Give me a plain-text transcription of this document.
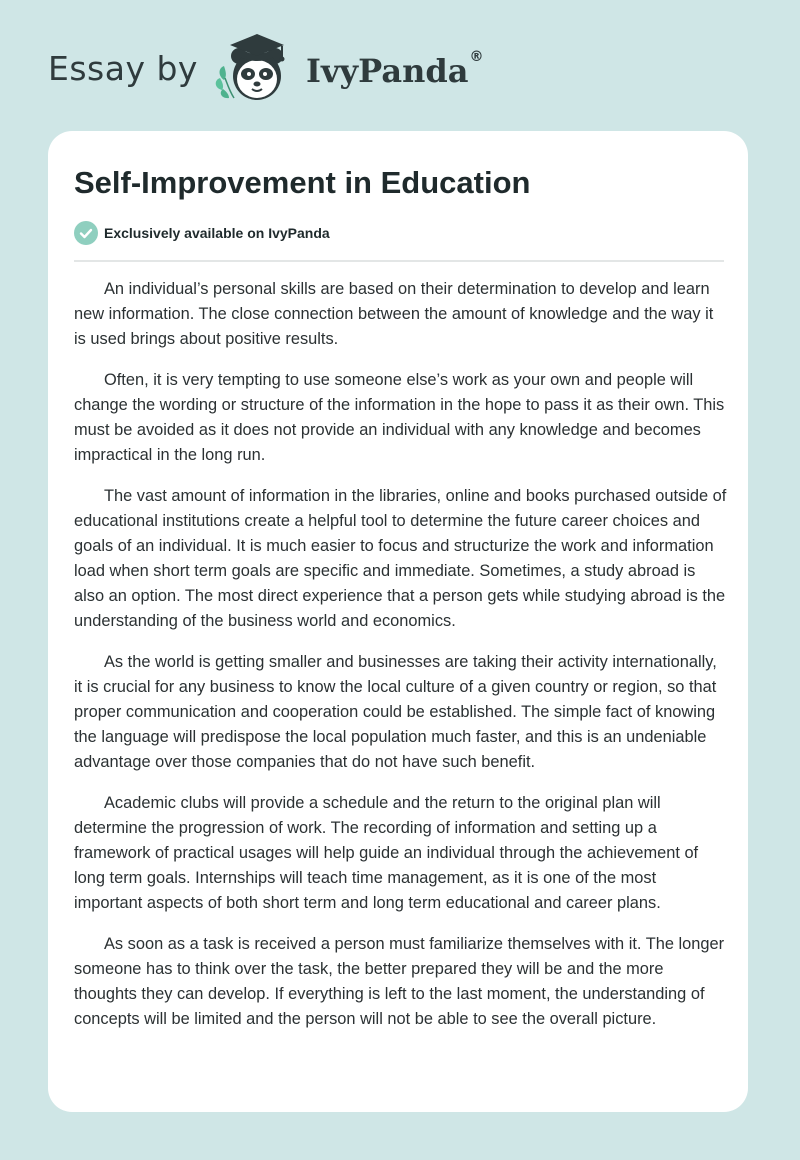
Essay by	IvyPanda ®
Self-Improvement in Education
Exclusively available on IvyPanda

An individual’s personal skills are based on their determination to develop and learn new information. The close connection between the amount of knowledge and the way it is used brings about positive results.

Often, it is very tempting to use someone else’s work as your own and people will change the wording or structure of the information in the hope to pass it as their own. This must be avoided as it does not provide an individual with any knowledge and becomes impractical in the long run.

The vast amount of information in the libraries, online and books purchased outside of educational institutions create a helpful tool to determine the future career choices and goals of an individual. It is much easier to focus and structurize the work and information load when short term goals are specific and immediate. Sometimes, a study abroad is also an option. The most direct experience that a person gets while studying abroad is the understanding of the business world and economics.

As the world is getting smaller and businesses are taking their activity internationally, it is crucial for any business to know the local culture of a given country or region, so that proper communication and cooperation could be established. The simple fact of knowing the language will predispose the local population much faster, and this is an undeniable advantage over those companies that do not have such benefit.

Academic clubs will provide a schedule and the return to the original plan will determine the progression of work. The recording of information and setting up a framework of practical usages will help guide an individual through the achievement of long term goals. Internships will teach time management, as it is one of the most important aspects of both short term and long term educational and career plans.

As soon as a task is received a person must familiarize themselves with it. The longer someone has to think over the task, the better prepared they will be and the more thoughts they can develop. If everything is left to the last moment, the understanding of concepts will be limited and the person will not be able to see the overall picture.
